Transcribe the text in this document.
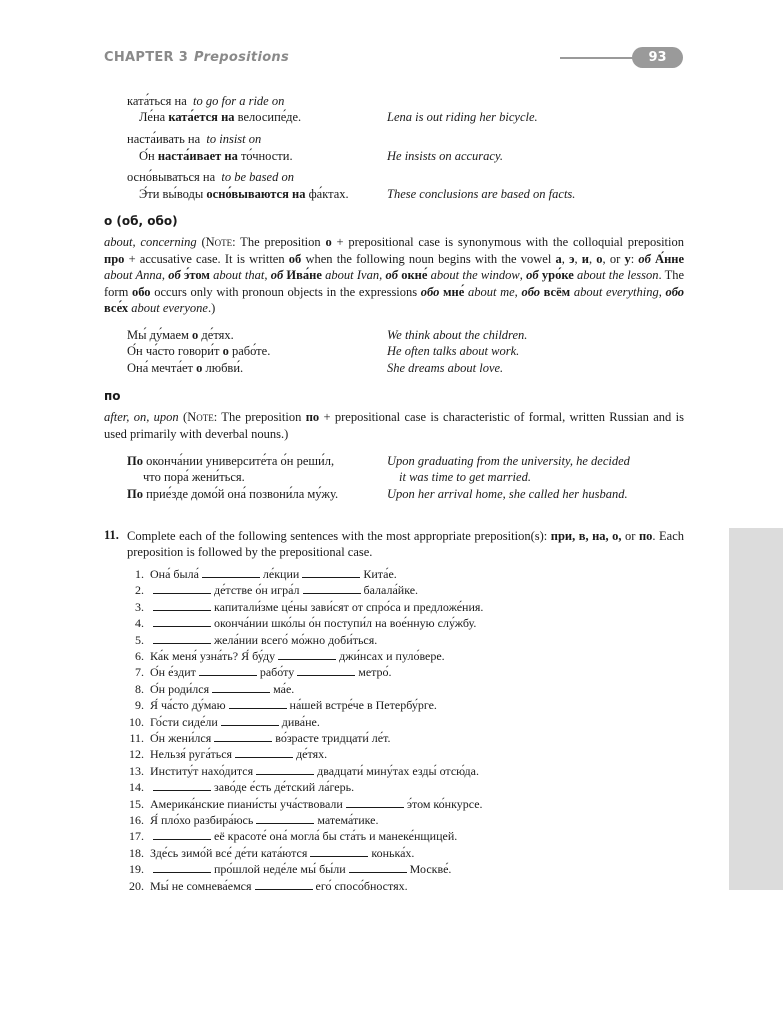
CHAPTER 3 Prepositions	93
ката́ться на to go for a ride on
Ле́на ката́ется на велосипе́де.	Lena is out riding her bicycle.
наста́ивать на to insist on
О́н наста́ивает на то́чности.	He insists on accuracy.
осно́вываться на to be based on
Э́ти вы́воды осно́вываются на фа́ктах.	These conclusions are based on facts.
о (об, обо)
about, concerning (Note: The preposition о + prepositional case is synonymous with the colloquial preposition про + accusative case. It is written об when the following noun begins with the vowel а, э, и, о, or у: об А́нне about Anna, об э́том about that, об Ива́не about Ivan, об окне́ about the window, об уро́ке about the lesson. The form обо occurs only with pronoun objects in the expressions обо мне́ about me, обо всём about everything, обо все́х about everyone.)
Мы́ ду́маем о де́тях.	We think about the children.
О́н ча́сто говори́т о рабо́те.	He often talks about work.
Она́ мечта́ет о любви́.	She dreams about love.
по
after, on, upon (Note: The preposition по + prepositional case is characteristic of formal, written Russian and is used primarily with deverbal nouns.)
По оконча́нии университе́та о́н реши́л,	Upon graduating from the university, he decided
что пора́ жени́ться.	it was time to get married.
По прие́зде домо́й она́ позвони́ла му́жу.	Upon her arrival home, she called her husband.
11. Complete each of the following sentences with the most appropriate preposition(s): при, в, на, о, or по. Each preposition is followed by the prepositional case.
1. Она́ была́	ле́кции	Кита́е.
2.	де́тстве о́н игра́л	балала́йке.
3.	капитали́зме це́ны зави́сят от спро́са и предложе́ния.
4.	оконча́нии шко́лы о́н поступи́л на вое́нную слу́жбу.
5.	жела́нии всего́ мо́жно доби́ться.
6. Ка́к меня́ узна́ть? Я́ бу́ду	джи́нсах и пуло́вере.
7. О́н е́здит	рабо́ту	метро́.
8. О́н роди́лся	ма́е.
9. Я́ ча́сто ду́маю	на́шей встре́че в Петербу́рге.
10. Го́сти сиде́ли	дива́не.
11. О́н жени́лся	во́зрасте тридцати́ ле́т.
12. Нельзя́ руга́ться	де́тях.
13. Институ́т нахо́дится	двадцати́ мину́тах езды́ отсю́да.
14.	заво́де е́сть де́тский ла́герь.
15. Америка́нские пиани́сты уча́ствовали	э́том ко́нкурсе.
16. Я́ пло́хо разбира́юсь	матема́тике.
17.	её красоте́ она́ могла́ бы ста́ть и манеке́нщицей.
18. Зде́сь зимо́й все́ де́ти ката́ются	конька́х.
19.	про́шлой неде́ле мы́ бы́ли	Москве́.
20. Мы́ не сомнева́емся	его́ спосо́бностях.
